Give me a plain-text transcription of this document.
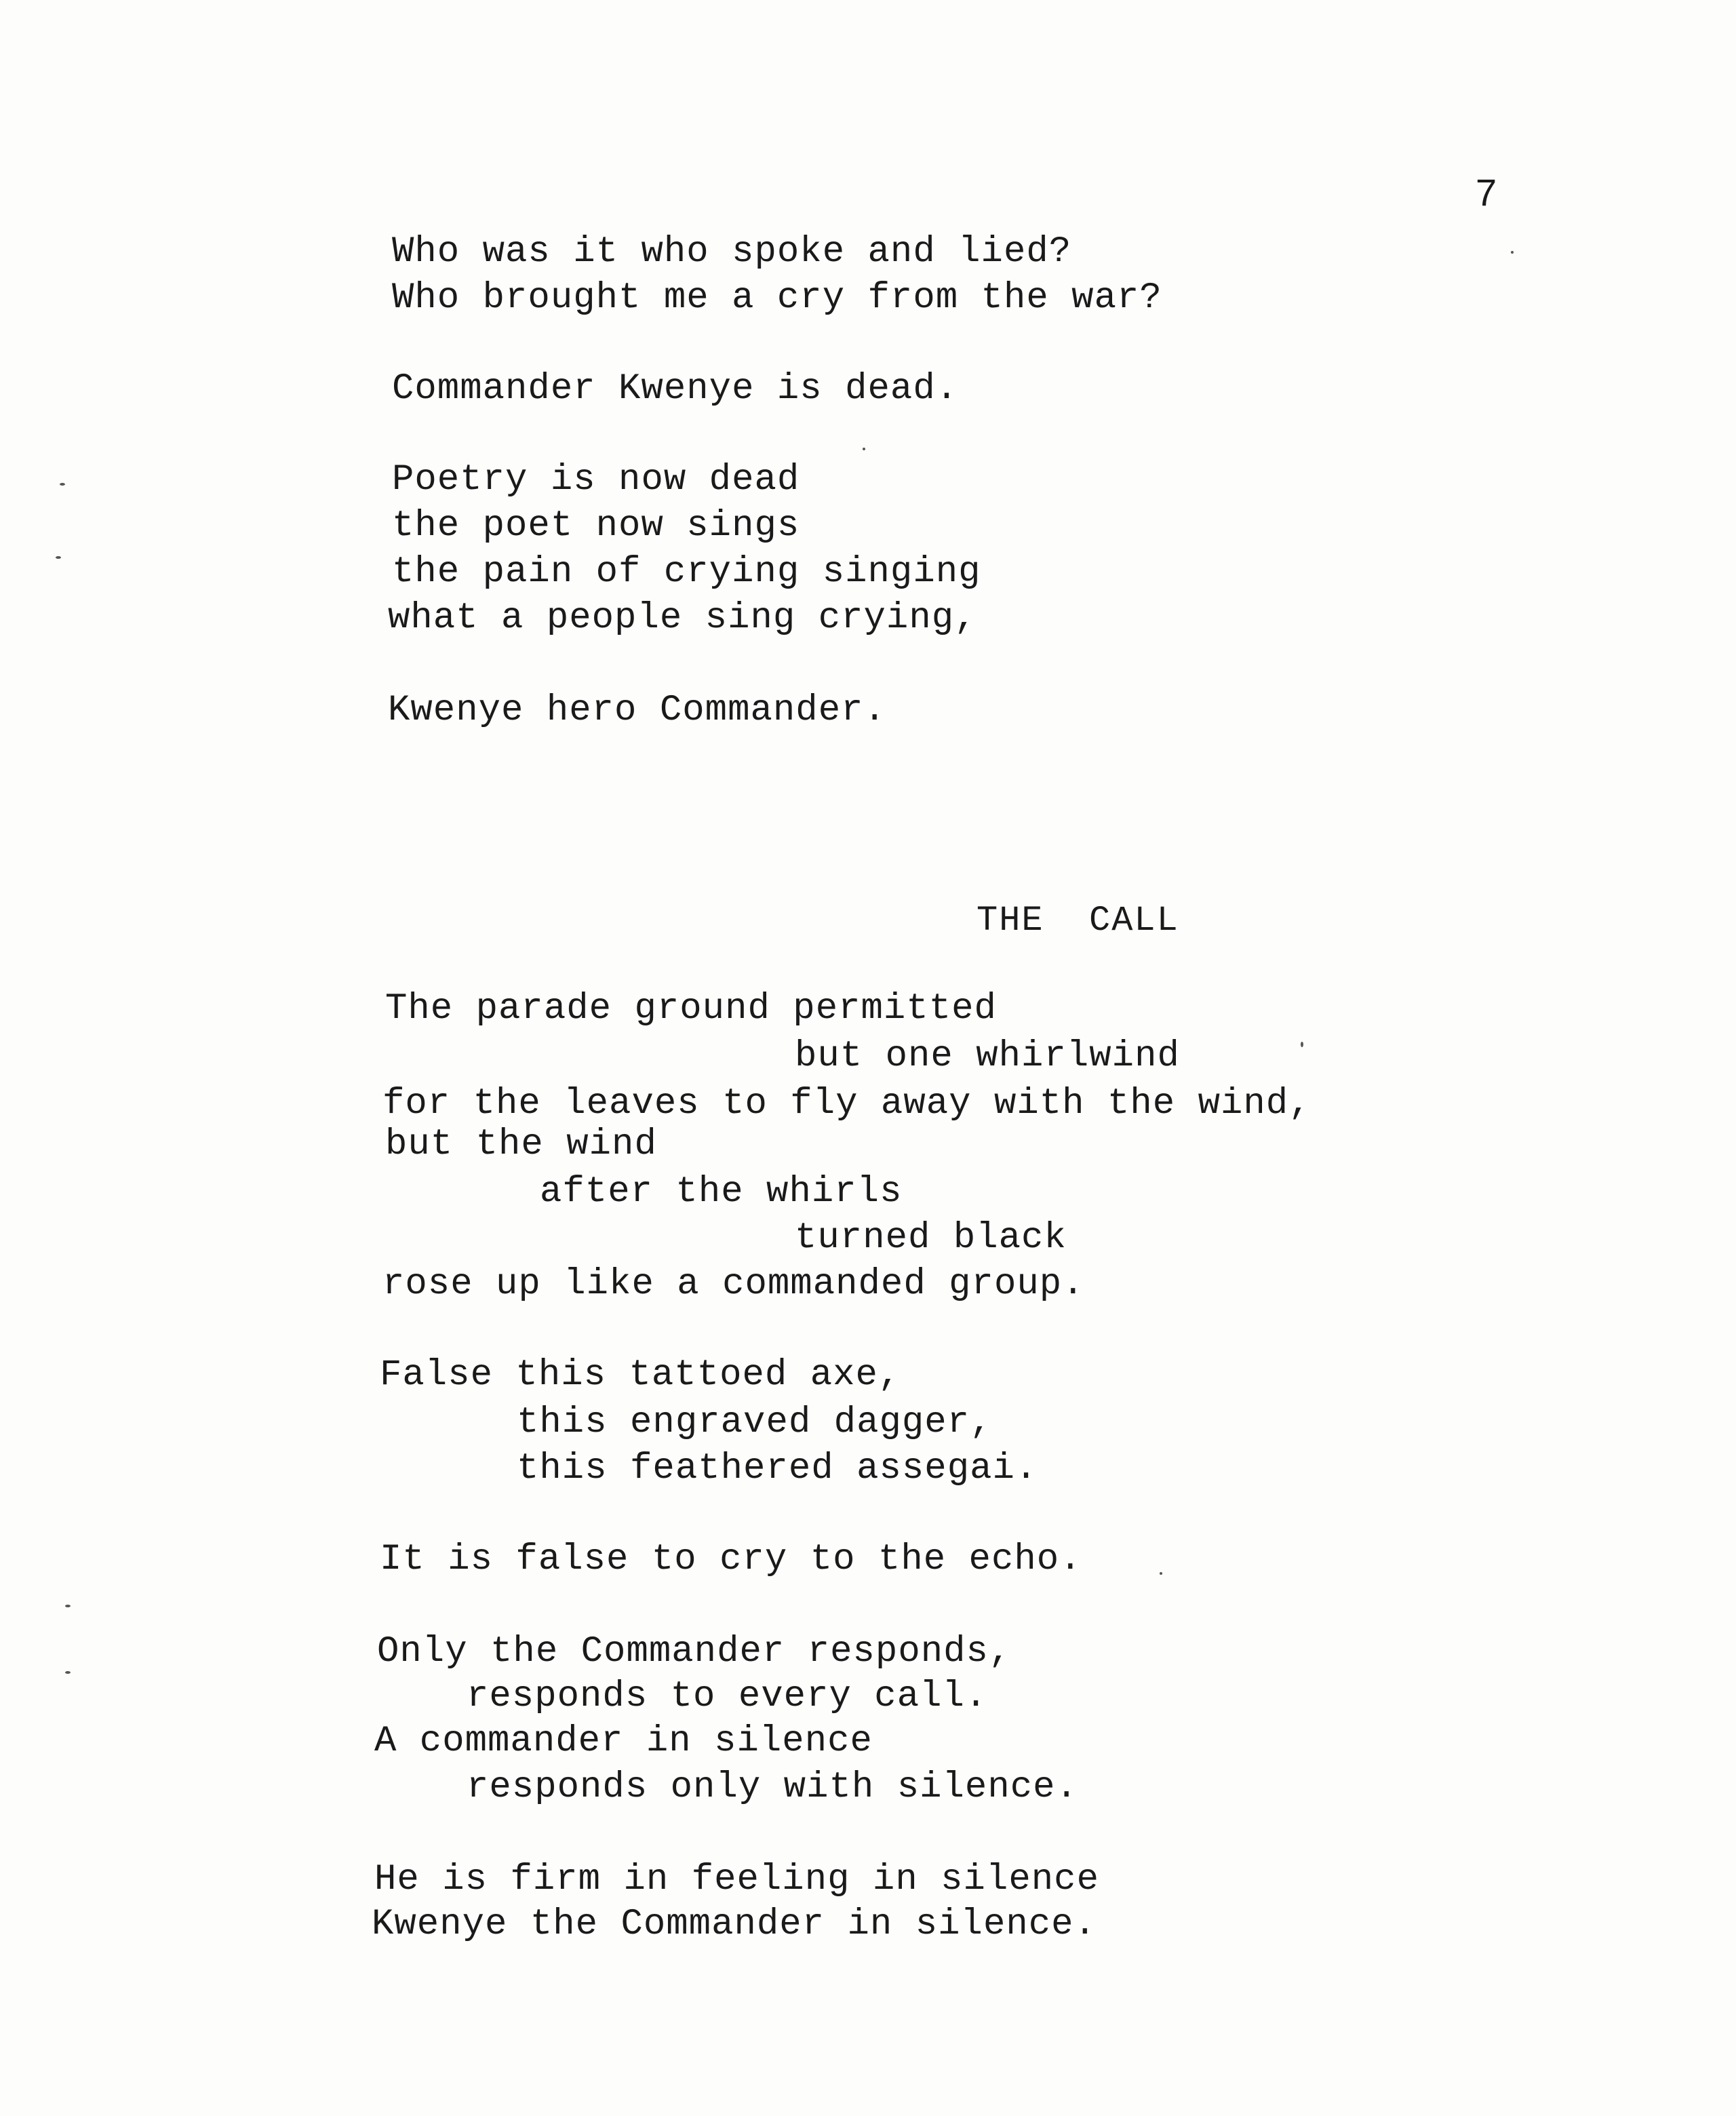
7
Who was it who spoke and lied?
Who brought me a cry from the war?
Commander Kwenye is dead.
Poetry is now dead
the poet now sings
the pain of crying singing
what a people sing crying,
Kwenye hero Commander.
THE  CALL
The parade ground permitted
but one whirlwind
for the leaves to fly away with the wind,
but the wind
after the whirls
turned black
rose up like a commanded group.
False this tattoed axe,
this engraved dagger,
this feathered assegai.
It is false to cry to the echo.
Only the Commander responds,
responds to every call.
A commander in silence
responds only with silence.
He is firm in feeling in silence
Kwenye the Commander in silence.
